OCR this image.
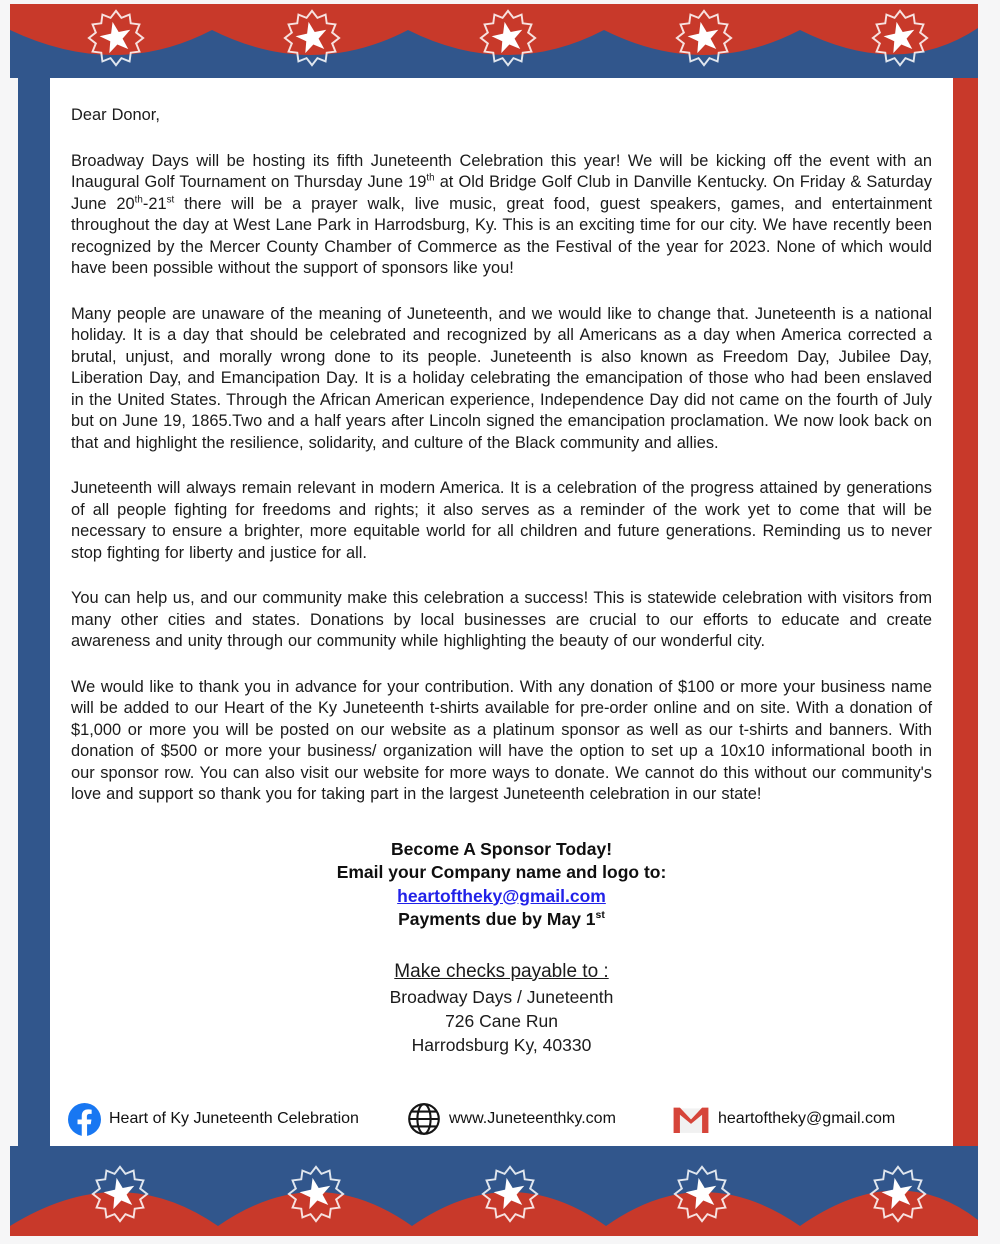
Dear Donor,

Broadway Days will be hosting its fifth Juneteenth Celebration this year! We will be kicking off the event with an Inaugural Golf Tournament on Thursday June 19th at Old Bridge Golf Club in Danville Kentucky. On Friday & Saturday June 20th-21st there will be a prayer walk, live music, great food, guest speakers, games, and entertainment throughout the day at West Lane Park in Harrodsburg, Ky. This is an exciting time for our city. We have recently been recognized by the Mercer County Chamber of Commerce as the Festival of the year for 2023. None of which would have been possible without the support of sponsors like you!

Many people are unaware of the meaning of Juneteenth, and we would like to change that. Juneteenth is a national holiday. It is a day that should be celebrated and recognized by all Americans as a day when America corrected a brutal, unjust, and morally wrong done to its people. Juneteenth is also known as Freedom Day, Jubilee Day, Liberation Day, and Emancipation Day. It is a holiday celebrating the emancipation of those who had been enslaved in the United States. Through the African American experience, Independence Day did not came on the fourth of July but on June 19, 1865.Two and a half years after Lincoln signed the emancipation proclamation. We now look back on that and highlight the resilience, solidarity, and culture of the Black community and allies.

Juneteenth will always remain relevant in modern America. It is a celebration of the progress attained by generations of all people fighting for freedoms and rights; it also serves as a reminder of the work yet to come that will be necessary to ensure a brighter, more equitable world for all children and future generations. Reminding us to never stop fighting for liberty and justice for all.

You can help us, and our community make this celebration a success! This is statewide celebration with visitors from many other cities and states. Donations by local businesses are crucial to our efforts to educate and create awareness and unity through our community while highlighting the beauty of our wonderful city.

We would like to thank you in advance for your contribution. With any donation of $100 or more your business name will be added to our Heart of the Ky Juneteenth t-shirts available for pre-order online and on site. With a donation of $1,000 or more you will be posted on our website as a platinum sponsor as well as our t-shirts and banners. With donation of $500 or more your business/ organization will have the option to set up a 10x10 informational booth in our sponsor row. You can also visit our website for more ways to donate. We cannot do this without our community's love and support so thank you for taking part in the largest Juneteenth celebration in our state!

Become A Sponsor Today!
Email your Company name and logo to:
heartoftheky@gmail.com
Payments due by May 1st
Make checks payable to :
Broadway Days / Juneteenth
726 Cane Run
Harrodsburg Ky, 40330
Heart of Ky Juneteenth Celebration	www.Juneteenthky.com	heartoftheky@gmail.com
